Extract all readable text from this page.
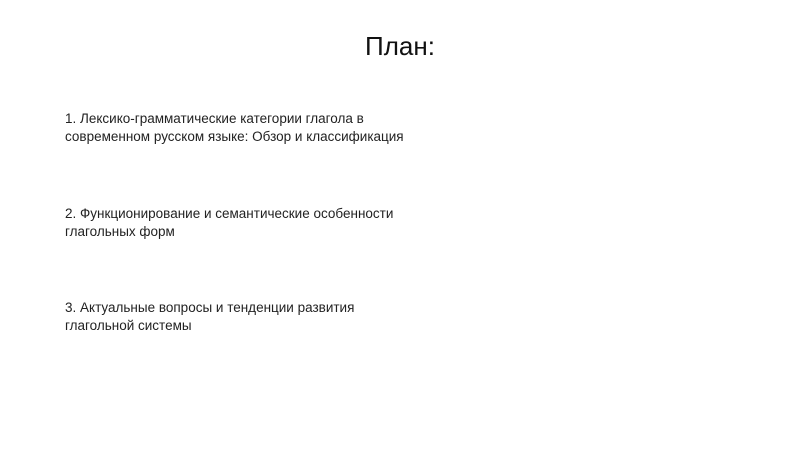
План:
1. Лексико-грамматические категории глагола в
современном русском языке: Обзор и классификация
2. Функционирование и семантические особенности
глагольных форм
3. Актуальные вопросы и тенденции развития
глагольной системы
